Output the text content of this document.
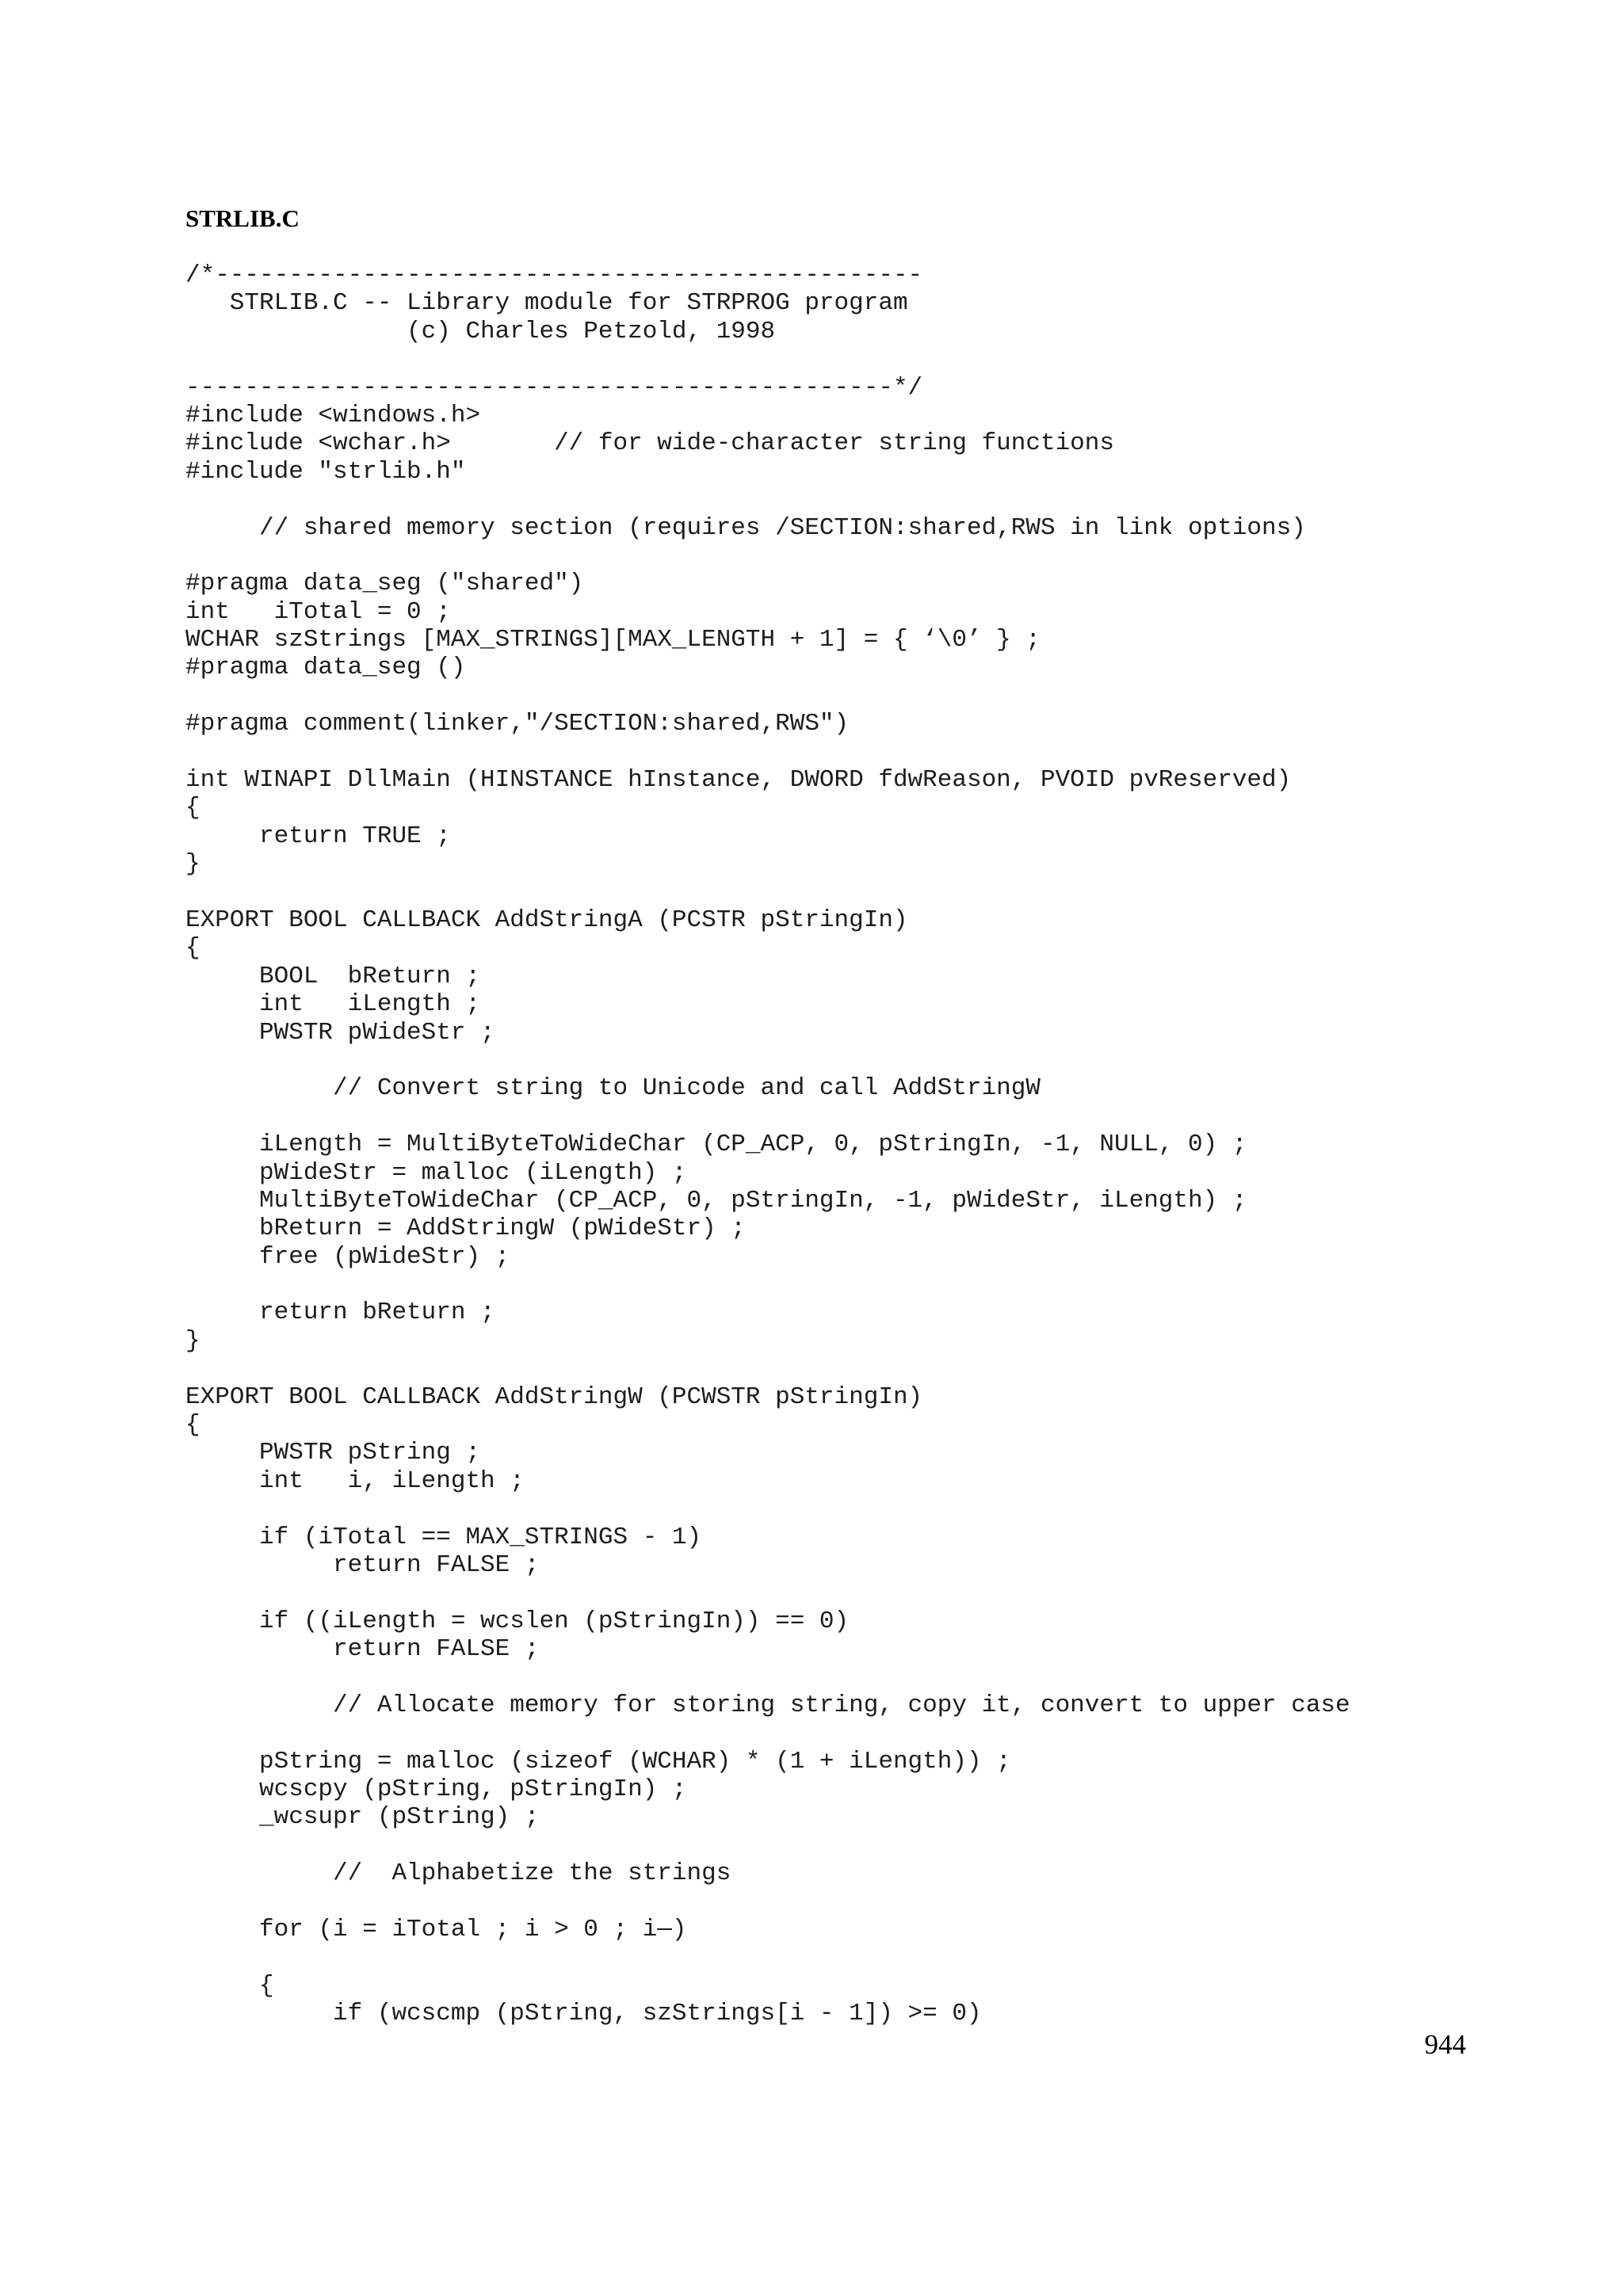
STRLIB.C
/*------------------------------------------------
STRLIB.C -- Library module for STRPROG program
(c) Charles Petzold, 1998
------------------------------------------------*/
#include <windows.h>
#include <wchar.h>       // for wide-character string functions
#include "strlib.h"
// shared memory section (requires /SECTION:shared,RWS in link options)
#pragma data_seg ("shared")
int   iTotal = 0 ;
WCHAR szStrings [MAX_STRINGS][MAX_LENGTH + 1] = { ‘\0’ } ;
#pragma data_seg ()
#pragma comment(linker,"/SECTION:shared,RWS")
int WINAPI DllMain (HINSTANCE hInstance, DWORD fdwReason, PVOID pvReserved)
{
return TRUE ;
}
EXPORT BOOL CALLBACK AddStringA (PCSTR pStringIn)
{
BOOL  bReturn ;
int   iLength ;
PWSTR pWideStr ;
// Convert string to Unicode and call AddStringW
iLength = MultiByteToWideChar (CP_ACP, 0, pStringIn, -1, NULL, 0) ;
pWideStr = malloc (iLength) ;
MultiByteToWideChar (CP_ACP, 0, pStringIn, -1, pWideStr, iLength) ;
bReturn = AddStringW (pWideStr) ;
free (pWideStr) ;
return bReturn ;
}
EXPORT BOOL CALLBACK AddStringW (PCWSTR pStringIn)
{
PWSTR pString ;
int   i, iLength ;
if (iTotal == MAX_STRINGS - 1)
return FALSE ;
if ((iLength = wcslen (pStringIn)) == 0)
return FALSE ;
// Allocate memory for storing string, copy it, convert to upper case
pString = malloc (sizeof (WCHAR) * (1 + iLength)) ;
wcscpy (pString, pStringIn) ;
_wcsupr (pString) ;
//  Alphabetize the strings
for (i = iTotal ; i > 0 ; i—)
{
if (wcscmp (pString, szStrings[i - 1]) >= 0)
944
